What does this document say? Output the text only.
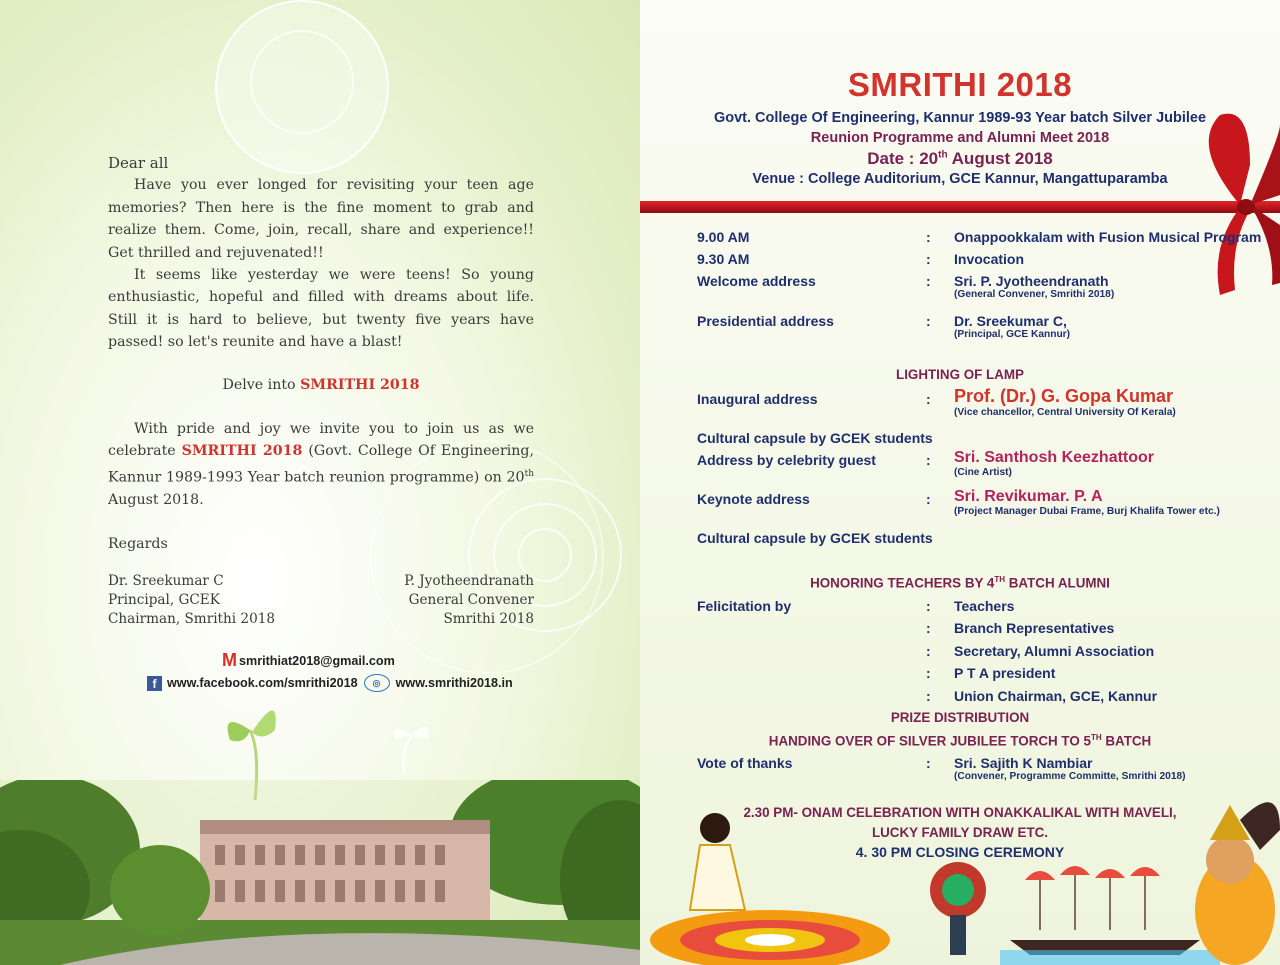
Dear all

Have you ever longed for revisiting your teen age memories? Then here is the fine moment to grab and realize them. Come, join, recall, share and experience!! Get thrilled and rejuvenated!!

It seems like yesterday we were teens! So young enthusiastic, hopeful and filled with dreams about life. Still it is hard to believe, but twenty five years have passed! so let's reunite and have a blast!

Delve into SMRITHI 2018

With pride and joy we invite you to join us as we celebrate SMRITHI 2018 (Govt. College Of Engineering, Kannur 1989-1993 Year batch reunion programme) on 20th August 2018.

Regards
Dr. Sreekumar C
Principal, GCEK
Chairman, Smrithi 2018
P. Jyotheendranath
General Convener
Smrithi 2018
M smrithiat2018@gmail.com
f www.facebook.com/smrithi2018	◎	www.smrithi2018.in
SMRITHI 2018
Govt. College Of Engineering, Kannur 1989-93 Year batch Silver Jubilee
Reunion Programme and Alumni Meet 2018
Date : 20th August 2018
Venue : College Auditorium, GCE Kannur, Mangattuparamba
9.00 AM	: Onappookkalam with Fusion Musical Program
9.30 AM	: Invocation
Welcome address	: Sri. P. Jyotheendranath
(General Convener, Smrithi 2018)
Presidential address	: Dr. Sreekumar C,
(Principal, GCE Kannur)
LIGHTING OF LAMP
Inaugural address	: Prof. (Dr.) G. Gopa Kumar
(Vice chancellor, Central University Of Kerala)
Cultural capsule by GCEK students
Address by celebrity guest	: Sri. Santhosh Keezhattoor
(Cine Artist)
Keynote address	: Sri. Revikumar. P. A
(Project Manager Dubai Frame, Burj Khalifa Tower etc.)
Cultural capsule by GCEK students
HONORING TEACHERS BY 4TH BATCH ALUMNI
Felicitation by	: Teachers
: Branch Representatives
: Secretary, Alumni Association
: P T A president
: Union Chairman, GCE, Kannur
PRIZE DISTRIBUTION
HANDING OVER OF SILVER JUBILEE TORCH TO 5TH BATCH
Vote of thanks	: Sri. Sajith K Nambiar
(Convener, Programme Committe, Smrithi 2018)
2.30 PM- ONAM CELEBRATION WITH ONAKKALIKAL WITH MAVELI,
LUCKY FAMILY DRAW ETC.
4. 30 PM CLOSING CEREMONY
